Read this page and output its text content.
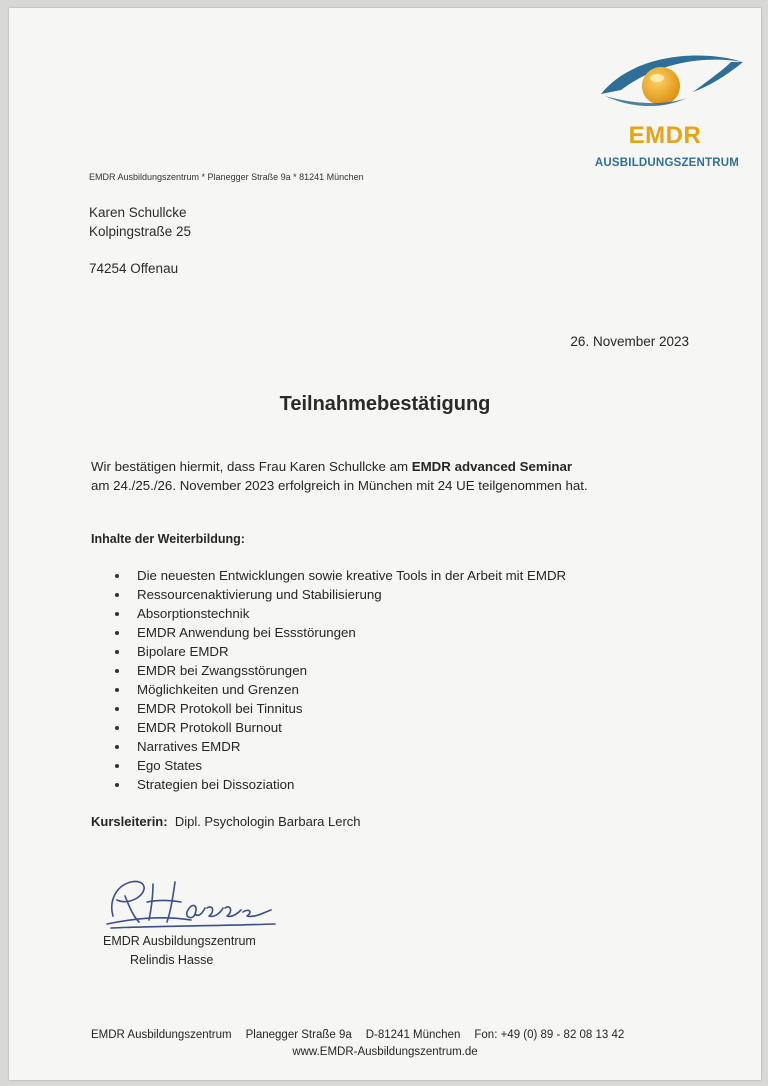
EMDR
AUSBILDUNGSZENTRUM
EMDR Ausbildungszentrum * Planegger Straße 9a * 81241 München
Karen Schullcke
Kolpingstraße 25
74254 Offenau
26. November 2023
Teilnahmebestätigung
Wir bestätigen hiermit, dass Frau Karen Schullcke am EMDR advanced Seminar
am 24./25./26. November 2023 erfolgreich in München mit 24 UE teilgenommen hat.
Inhalte der Weiterbildung:
Die neuesten Entwicklungen sowie kreative Tools in der Arbeit mit EMDR
Ressourcenaktivierung und Stabilisierung
Absorptionstechnik
EMDR Anwendung bei Essstörungen
Bipolare EMDR
EMDR bei Zwangsstörungen
Möglichkeiten und Grenzen
EMDR Protokoll bei Tinnitus
EMDR Protokoll Burnout
Narratives EMDR
Ego States
Strategien bei Dissoziation
Kursleiterin: Dipl. Psychologin Barbara Lerch
EMDR Ausbildungszentrum
Relindis Hasse
EMDR Ausbildungszentrum Planegger Straße 9a D-81241 München Fon: +49 (0) 89 - 82 08 13 42
www.EMDR-Ausbildungszentrum.de
